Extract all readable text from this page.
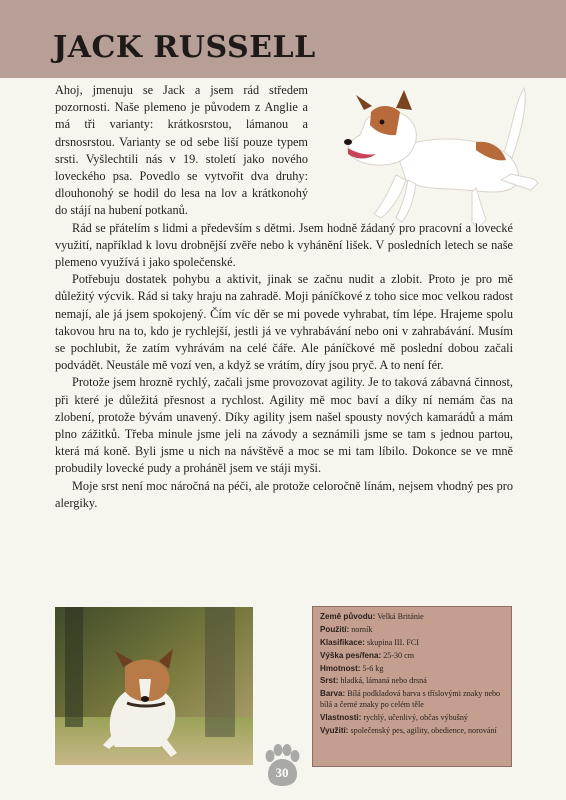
JACK RUSSELL

Ahoj, jmenuju se Jack a jsem rád středem pozornosti. Naše plemeno je původem z Anglie a má tři varianty: krátkosrstou, lámanou a drsnosrstou. Varianty se od sebe liší pouze typem srsti. Vyšlechtili nás v 19. století jako nového loveckého psa. Povedlo se vytvořit dva druhy: dlouhonohý se hodil do lesa na lov a krátkonohý do stájí na hubení potkanů.

Rád se přátelím s lidmi a především s dětmi. Jsem hodně žádaný pro pracovní a lovecké využití, například k lovu drobnější zvěře nebo k vyhánění lišek. V posledních letech se naše plemeno využívá i jako společenské.

Potřebuju dostatek pohybu a aktivit, jinak se začnu nudit a zlobit. Proto je pro mě důležitý výcvik. Rád si taky hraju na zahradě. Moji páníčkové z toho sice moc velkou radost nemají, ale já jsem spokojený. Čím víc děr se mi povede vyhrabat, tím lépe. Hrajeme spolu takovou hru na to, kdo je rychlejší, jestli já ve vyhrabávání nebo oni v zahrabávání. Musím se pochlubit, že zatím vyhrávám na celé čáře. Ale páníčkové mě poslední dobou začali podvádět. Neustále mě vozí ven, a když se vrátím, díry jsou pryč. A to není fér.

Protože jsem hrozně rychlý, začali jsme provozovat agility. Je to taková zábavná činnost, při které je důležitá přesnost a rychlost. Agility mě moc baví a díky ní nemám čas na zlobení, protože bývám unavený. Díky agility jsem našel spousty nových kamarádů a mám plno zážitků. Třeba minule jsme jeli na závody a seznámili jsme se tam s jednou partou, která má koně. Byli jsme u nich na návštěvě a moc se mi tam líbilo. Dokonce se ve mně probudily lovecké pudy a proháněl jsem ve stáji myši.

Moje srst není moc náročná na péči, ale protože celoročně línám, nejsem vhodný pes pro alergiky.

Země původu: Velká Británie
Použití: norník
Klasifikace: skupina III. FCI
Výška pes/fena: 25-30 cm
Hmotnost: 5-6 kg
Srst: hladká, lámaná nebo drsná
Barva: Bílá podkladová barva s tříslovými znaky nebo bílá a černé znaky po celém těle
Vlastnosti: rychlý, učenlivý, občas výbušný
Využití: společenský pes, agility, obedience, norování
30
